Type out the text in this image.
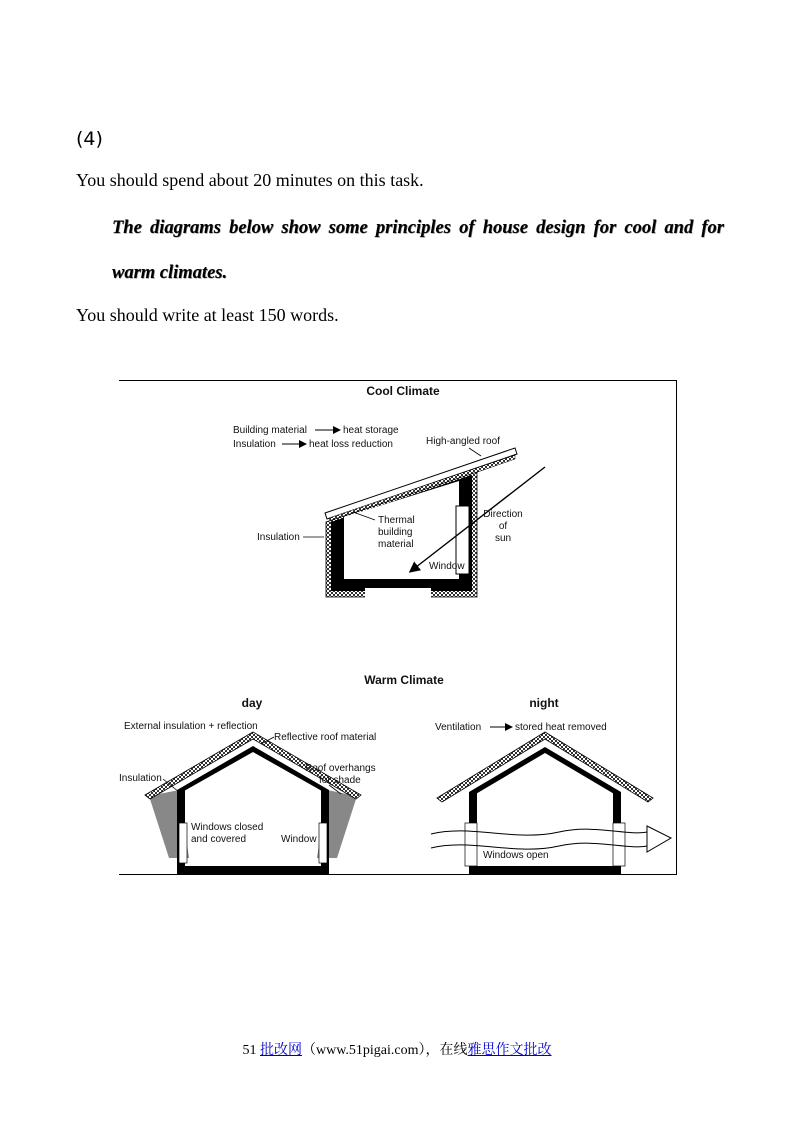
(4)
You should spend about 20 minutes on this task.
The diagrams below show some principles of house design for cool and for warm climates.
You should write at least 150 words.
Cool Climate
Building material	heat storage
Insulation	heat loss reduction	High-angled roof
Insulation
Thermal
building
material
Direction
of
sun
Window
Warm Climate
day	night
External insulation + reflection
Reflective roof material
Insulation
Roof overhangs
for shade
Windows closed
and covered	Window
Ventilation	stored heat removed
Windows open
51 批改网（www.51pigai.com），在线雅思作文批改
